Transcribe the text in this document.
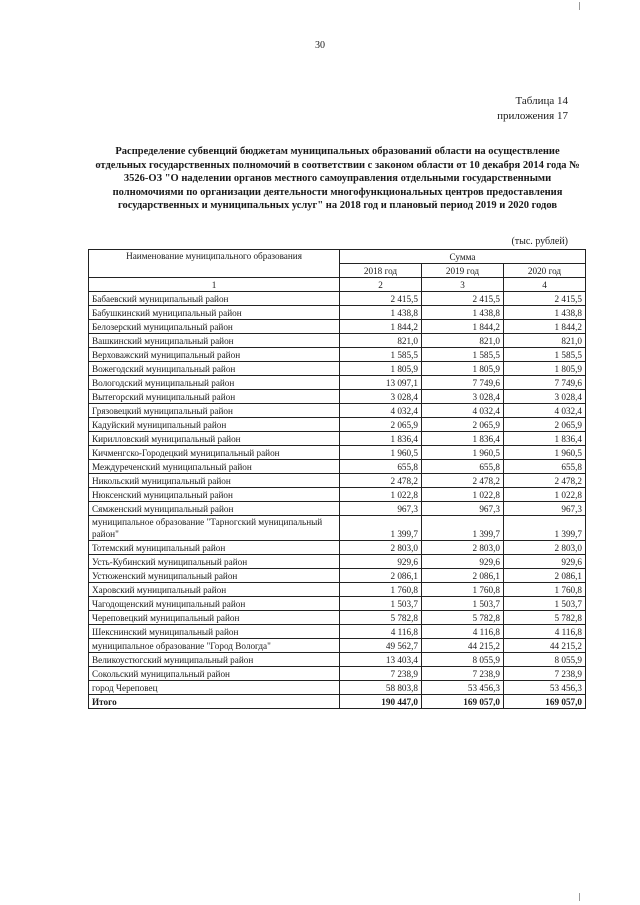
30
Таблица 14
приложения 17
Распределение субвенций бюджетам муниципальных образований области на осуществление отдельных государственных полномочий в соответствии с законом области от 10 декабря 2014 года № 3526-ОЗ "О наделении органов местного самоуправления отдельными государственными полномочиями по организации деятельности многофункциональных центров предоставления государственных и муниципальных услуг" на 2018 год и плановый период 2019 и 2020 годов
(тыс. рублей)
Наименование муниципального образования	Сумма		
	2018 год	2019 год	2020 год
1	2	3	4
Бабаевский муниципальный район	2 415,5	2 415,5	2 415,5
Бабушкинский муниципальный район	1 438,8	1 438,8	1 438,8
Белозерский муниципальный район	1 844,2	1 844,2	1 844,2
Вашкинский муниципальный район	821,0	821,0	821,0
Верховажский муниципальный район	1 585,5	1 585,5	1 585,5
Вожегодский муниципальный район	1 805,9	1 805,9	1 805,9
Вологодский муниципальный район	13 097,1	7 749,6	7 749,6
Вытегорский муниципальный район	3 028,4	3 028,4	3 028,4
Грязовецкий муниципальный район	4 032,4	4 032,4	4 032,4
Кадуйский муниципальный район	2 065,9	2 065,9	2 065,9
Кирилловский муниципальный район	1 836,4	1 836,4	1 836,4
Кичменгско-Городецкий муниципальный район	1 960,5	1 960,5	1 960,5
Междуреченский муниципальный район	655,8	655,8	655,8
Никольский муниципальный район	2 478,2	2 478,2	2 478,2
Нюксенский муниципальный район	1 022,8	1 022,8	1 022,8
Сямженский муниципальный район	967,3	967,3	967,3
муниципальное образование "Тарногский муниципальный район"	1 399,7	1 399,7	1 399,7
Тотемский муниципальный район	2 803,0	2 803,0	2 803,0
Усть-Кубинский муниципальный район	929,6	929,6	929,6
Устюженский муниципальный район	2 086,1	2 086,1	2 086,1
Харовский муниципальный район	1 760,8	1 760,8	1 760,8
Чагодощенский муниципальный район	1 503,7	1 503,7	1 503,7
Череповецкий муниципальный район	5 782,8	5 782,8	5 782,8
Шекснинский муниципальный район	4 116,8	4 116,8	4 116,8
муниципальное образование "Город Вологда"	49 562,7	44 215,2	44 215,2
Великоустюгский муниципальный район	13 403,4	8 055,9	8 055,9
Сокольский муниципальный район	7 238,9	7 238,9	7 238,9
город Череповец	58 803,8	53 456,3	53 456,3
Итого	190 447,0	169 057,0	169 057,0
